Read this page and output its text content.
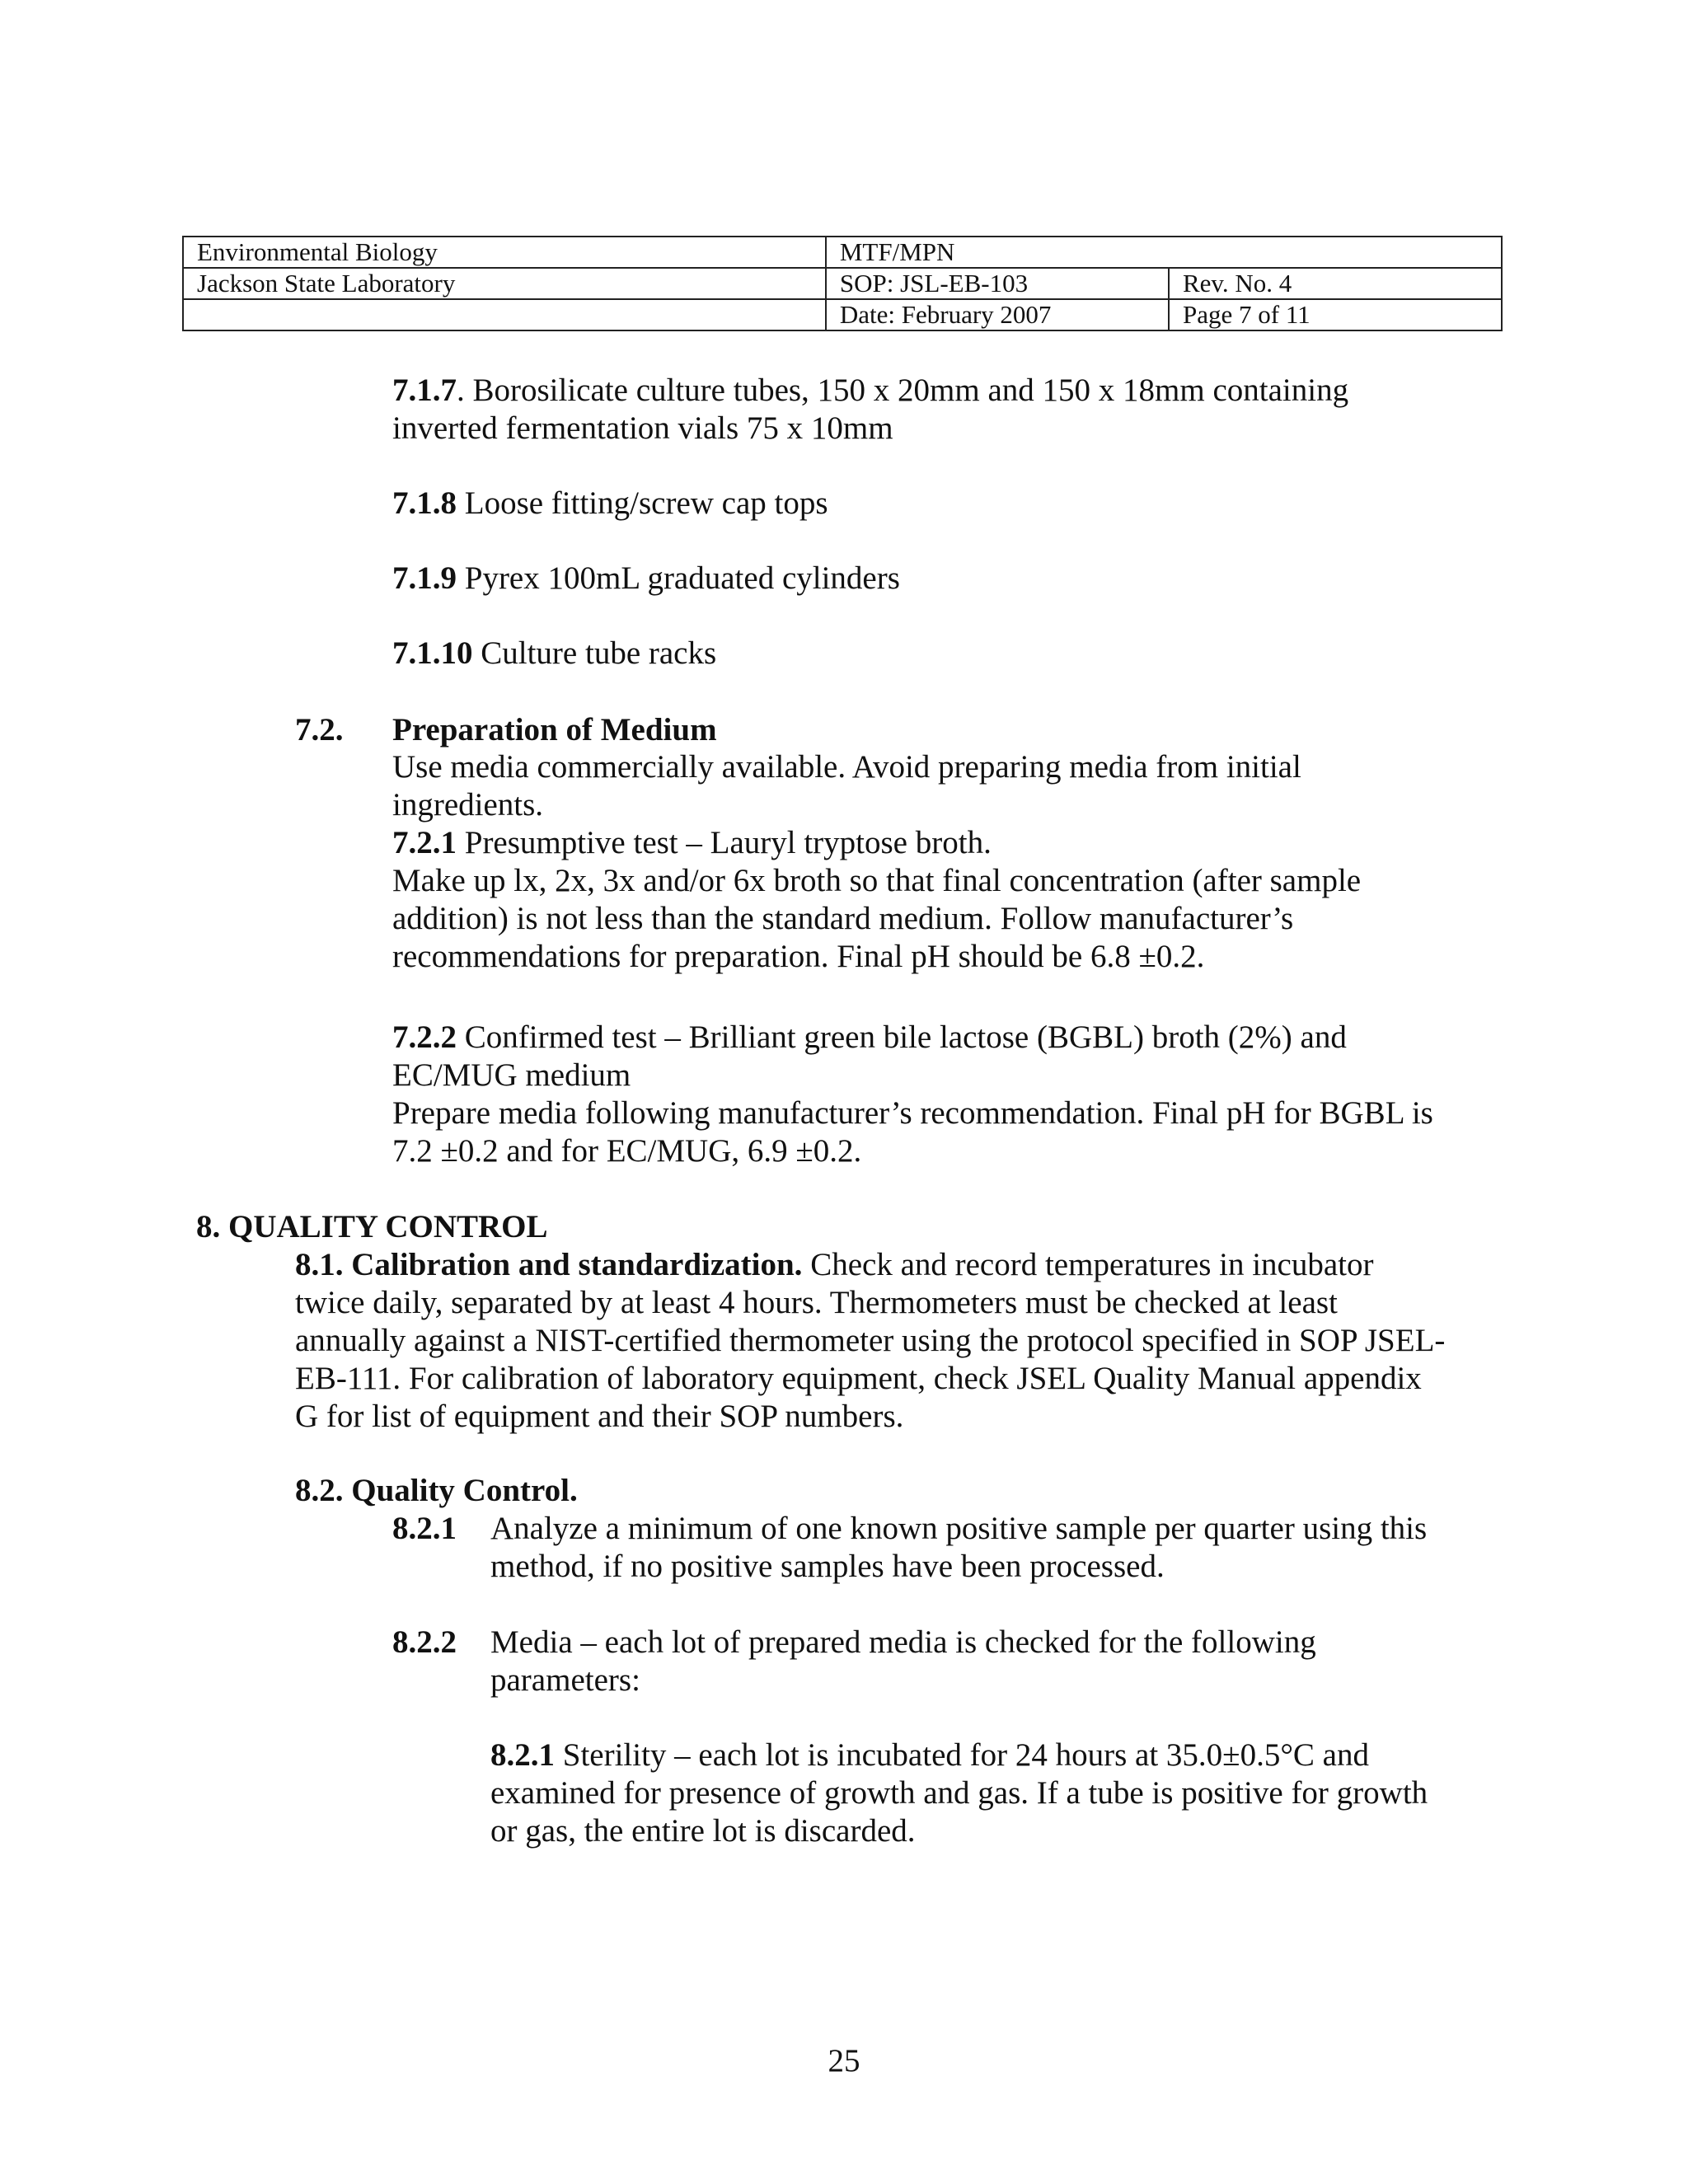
Environmental Biology	MTF/MPN	
Jackson State Laboratory	SOP: JSL-EB-103	Rev. No. 4
	Date: February 2007	Page 7 of 11
7.1.7. Borosilicate culture tubes, 150 x 20mm and 150 x 18mm containing
inverted fermentation vials 75 x 10mm
7.1.8 Loose fitting/screw cap tops
7.1.9 Pyrex 100mL graduated cylinders
7.1.10 Culture tube racks
7.2. Preparation of Medium
Use media commercially available. Avoid preparing media from initial
ingredients.
7.2.1 Presumptive test – Lauryl tryptose broth.
Make up lx, 2x, 3x and/or 6x broth so that final concentration (after sample
addition) is not less than the standard medium. Follow manufacturer’s
recommendations for preparation. Final pH should be 6.8 ±0.2.
7.2.2 Confirmed test – Brilliant green bile lactose (BGBL) broth (2%) and
EC/MUG medium
Prepare media following manufacturer’s recommendation. Final pH for BGBL is
7.2 ±0.2 and for EC/MUG, 6.9 ±0.2.
8. QUALITY CONTROL
8.1. Calibration and standardization. Check and record temperatures in incubator
twice daily, separated by at least 4 hours. Thermometers must be checked at least
annually against a NIST-certified thermometer using the protocol specified in SOP JSEL-
EB-111. For calibration of laboratory equipment, check JSEL Quality Manual appendix
G for list of equipment and their SOP numbers.
8.2. Quality Control.
8.2.1 Analyze a minimum of one known positive sample per quarter using this
method, if no positive samples have been processed.
8.2.2 Media – each lot of prepared media is checked for the following
parameters:
8.2.1 Sterility – each lot is incubated for 24 hours at 35.0±0.5°C and
examined for presence of growth and gas. If a tube is positive for growth
or gas, the entire lot is discarded.
25
